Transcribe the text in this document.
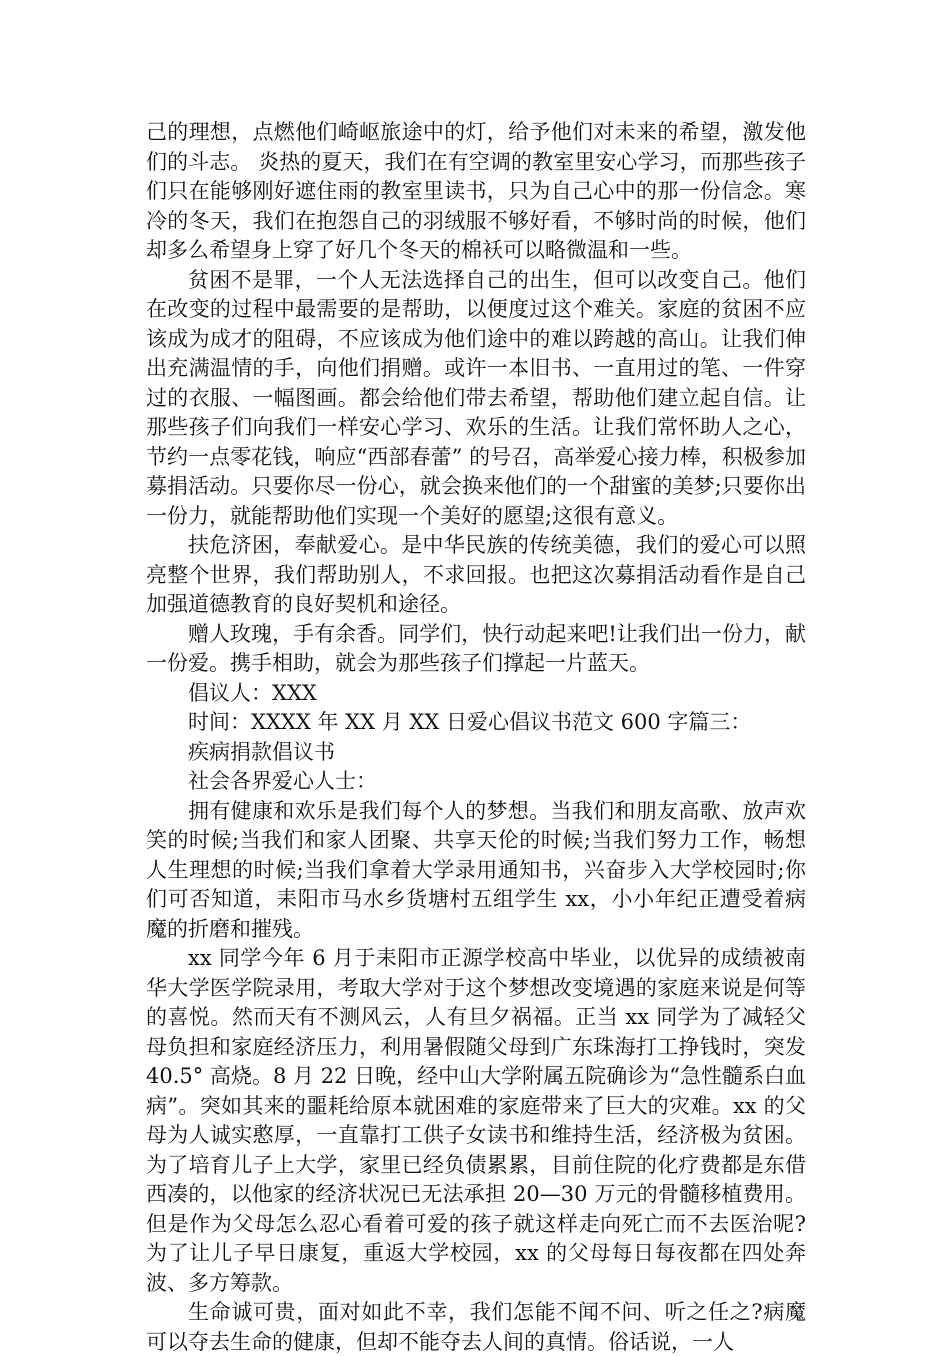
己的理想，点燃他们崎岖旅途中的灯，给予他们对未来的希望，激发他们的斗志。 炎热的夏天，我们在有空调的教室里安心学习，而那些孩子们只在能够刚好遮住雨的教室里读书，只为自己心中的那一份信念。寒冷的冬天，我们在抱怨自己的羽绒服不够好看，不够时尚的时候，他们却多么希望身上穿了好几个冬天的棉袄可以略微温和一些。

贫困不是罪，一个人无法选择自己的出生，但可以改变自己。他们在改变的过程中最需要的是帮助，以便度过这个难关。家庭的贫困不应该成为成才的阻碍，不应该成为他们途中的难以跨越的高山。让我们伸出充满温情的手，向他们捐赠。或许一本旧书、一直用过的笔、一件穿过的衣服、一幅图画。都会给他们带去希望，帮助他们建立起自信。让那些孩子们向我们一样安心学习、欢乐的生活。让我们常怀助人之心，节约一点零花钱，响应“西部春蕾” 的号召，高举爱心接力棒，积极参加募捐活动。只要你尽一份心，就会换来他们的一个甜蜜的美梦;只要你出一份力，就能帮助他们实现一个美好的愿望;这很有意义。

扶危济困，奉献爱心。是中华民族的传统美德，我们的爱心可以照亮整个世界，我们帮助别人，不求回报。也把这次募捐活动看作是自己加强道德教育的良好契机和途径。

赠人玫瑰，手有余香。同学们，快行动起来吧!让我们出一份力，献一份爱。携手相助，就会为那些孩子们撑起一片蓝天。

倡议人：XXX

时间：XXXX 年 XX 月 XX 日爱心倡议书范文 600 字篇三：

疾病捐款倡议书

社会各界爱心人士：

拥有健康和欢乐是我们每个人的梦想。当我们和朋友高歌、放声欢笑的时候;当我们和家人团聚、共享天伦的时候;当我们努力工作，畅想人生理想的时候;当我们拿着大学录用通知书，兴奋步入大学校园时;你们可否知道，耒阳市马水乡货塘村五组学生 xx，小小年纪正遭受着病魔的折磨和摧残。

xx 同学今年 6 月于耒阳市正源学校高中毕业，以优异的成绩被南华大学医学院录用，考取大学对于这个梦想改变境遇的家庭来说是何等的喜悦。然而天有不测风云，人有旦夕祸福。正当 xx 同学为了减轻父母负担和家庭经济压力，利用暑假随父母到广东珠海打工挣钱时，突发 40.5° 高烧。8 月 22 日晚，经中山大学附属五院确诊为“急性髓系白血病”。突如其来的噩耗给原本就困难的家庭带来了巨大的灾难。xx 的父母为人诚实憨厚，一直靠打工供子女读书和维持生活，经济极为贫困。为了培育儿子上大学，家里已经负债累累，目前住院的化疗费都是东借西凑的，以他家的经济状况已无法承担 20—30 万元的骨髓移植费用。但是作为父母怎么忍心看着可爱的孩子就这样走向死亡而不去医治呢?为了让儿子早日康复，重返大学校园，xx 的父母每日每夜都在四处奔波、多方筹款。

生命诚可贵，面对如此不幸，我们怎能不闻不问、听之任之?病魔可以夺去生命的健康，但却不能夺去人间的真情。俗话说，一人
